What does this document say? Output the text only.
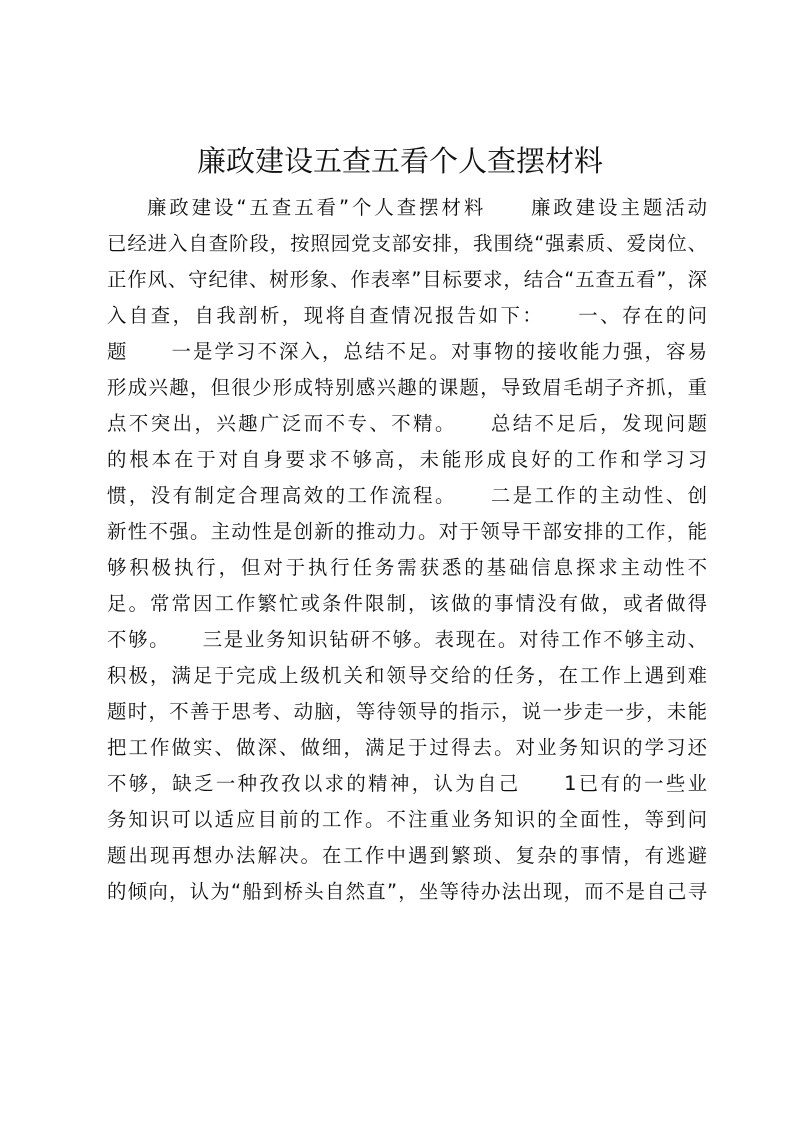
廉政建设五查五看个人查摆材料
廉政建设“五查五看”个人查摆材料　　廉政建设主题活动
已经进入自查阶段，按照园党支部安排，我围绕“强素质、爱岗位、
正作风、守纪律、树形象、作表率”目标要求，结合“五查五看”，深
入自查，自我剖析，现将自查情况报告如下：　　一、存在的问
题　　一是学习不深入，总结不足。对事物的接收能力强，容易
形成兴趣，但很少形成特别感兴趣的课题，导致眉毛胡子齐抓，重
点不突出，兴趣广泛而不专、不精。　　总结不足后，发现问题
的根本在于对自身要求不够高，未能形成良好的工作和学习习
惯，没有制定合理高效的工作流程。　　二是工作的主动性、创
新性不强。主动性是创新的推动力。对于领导干部安排的工作，能
够积极执行，但对于执行任务需获悉的基础信息探求主动性不
足。常常因工作繁忙或条件限制，该做的事情没有做，或者做得
不够。　　三是业务知识钻研不够。表现在。对待工作不够主动、
积极，满足于完成上级机关和领导交给的任务，在工作上遇到难
题时，不善于思考、动脑，等待领导的指示，说一步走一步，未能
把工作做实、做深、做细，满足于过得去。对业务知识的学习还
不够，缺乏一种孜孜以求的精神，认为自己　　1已有的一些业
务知识可以适应目前的工作。不注重业务知识的全面性，等到问
题出现再想办法解决。在工作中遇到繁琐、复杂的事情，有逃避
的倾向，认为“船到桥头自然直”，坐等待办法出现，而不是自己寻
